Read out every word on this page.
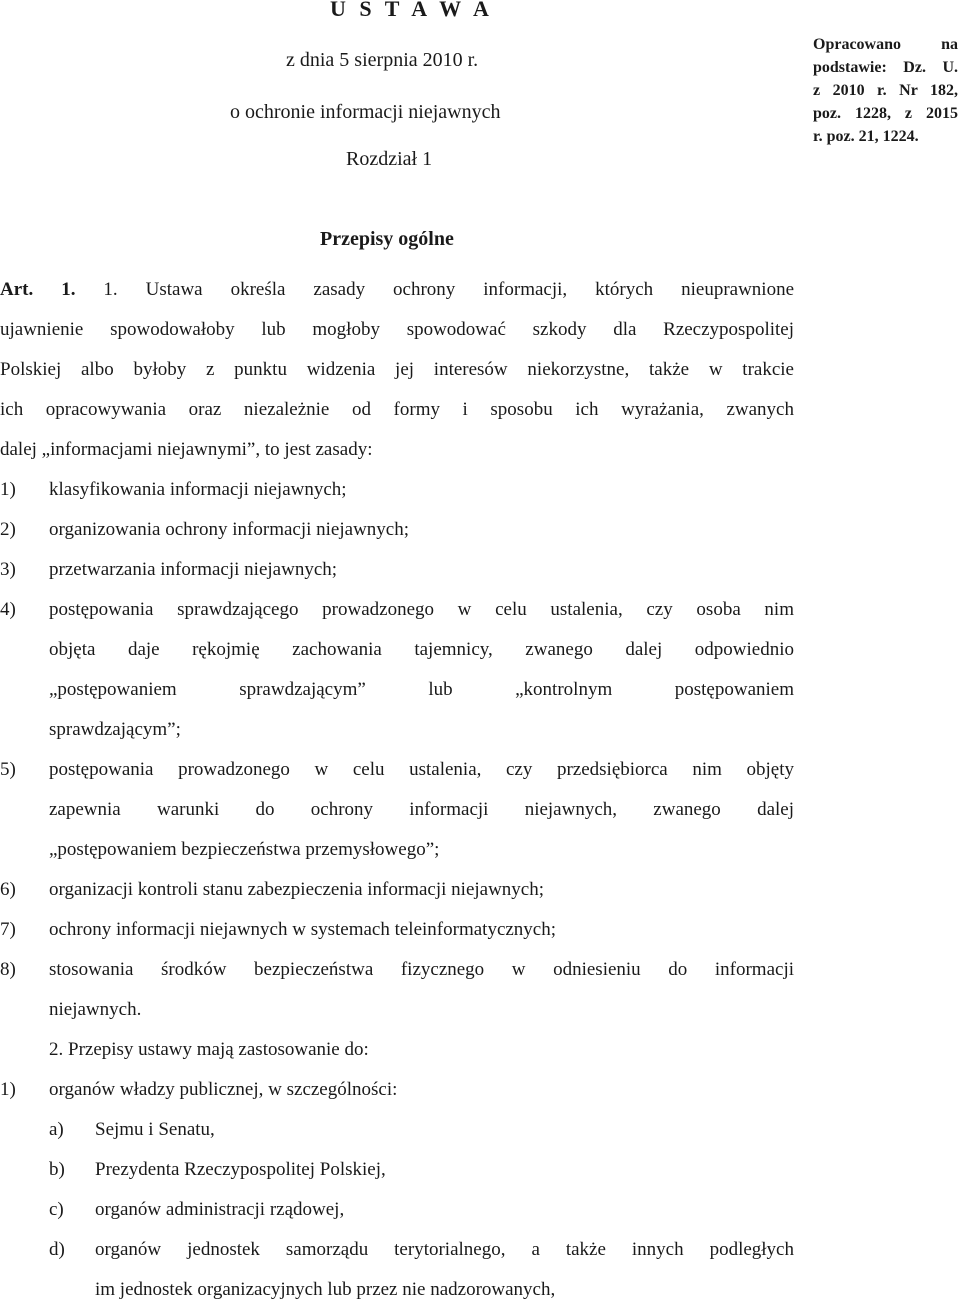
U S T A W A
z dnia 5 sierpnia 2010 r.
o ochronie informacji niejawnych
Opracowano na
podstawie: Dz. U.
z 2010 r. Nr 182,
poz. 1228, z 2015
r. poz. 21, 1224.
Rozdział 1
Przepisy ogólne
Art. 1. 1. Ustawa określa zasady ochrony informacji, których nieuprawnione
ujawnienie spowodowałoby lub mogłoby spowodować szkody dla Rzeczypospolitej
Polskiej albo byłoby z punktu widzenia jej interesów niekorzystne, także w trakcie
ich opracowywania oraz niezależnie od formy i sposobu ich wyrażania, zwanych
dalej „informacjami niejawnymi”, to jest zasady:
1) klasyfikowania informacji niejawnych;
2) organizowania ochrony informacji niejawnych;
3) przetwarzania informacji niejawnych;
4) postępowania sprawdzającego prowadzonego w celu ustalenia, czy osoba nim
objęta daje rękojmię zachowania tajemnicy, zwanego dalej odpowiednio
„postępowaniem sprawdzającym” lub „kontrolnym postępowaniem
sprawdzającym”;
5) postępowania prowadzonego w celu ustalenia, czy przedsiębiorca nim objęty
zapewnia warunki do ochrony informacji niejawnych, zwanego dalej
„postępowaniem bezpieczeństwa przemysłowego”;
6) organizacji kontroli stanu zabezpieczenia informacji niejawnych;
7) ochrony informacji niejawnych w systemach teleinformatycznych;
8) stosowania środków bezpieczeństwa fizycznego w odniesieniu do informacji
niejawnych.
2. Przepisy ustawy mają zastosowanie do:
1) organów władzy publicznej, w szczególności:
a) Sejmu i Senatu,
b) Prezydenta Rzeczypospolitej Polskiej,
c) organów administracji rządowej,
d) organów jednostek samorządu terytorialnego, a także innych podległych
im jednostek organizacyjnych lub przez nie nadzorowanych,
